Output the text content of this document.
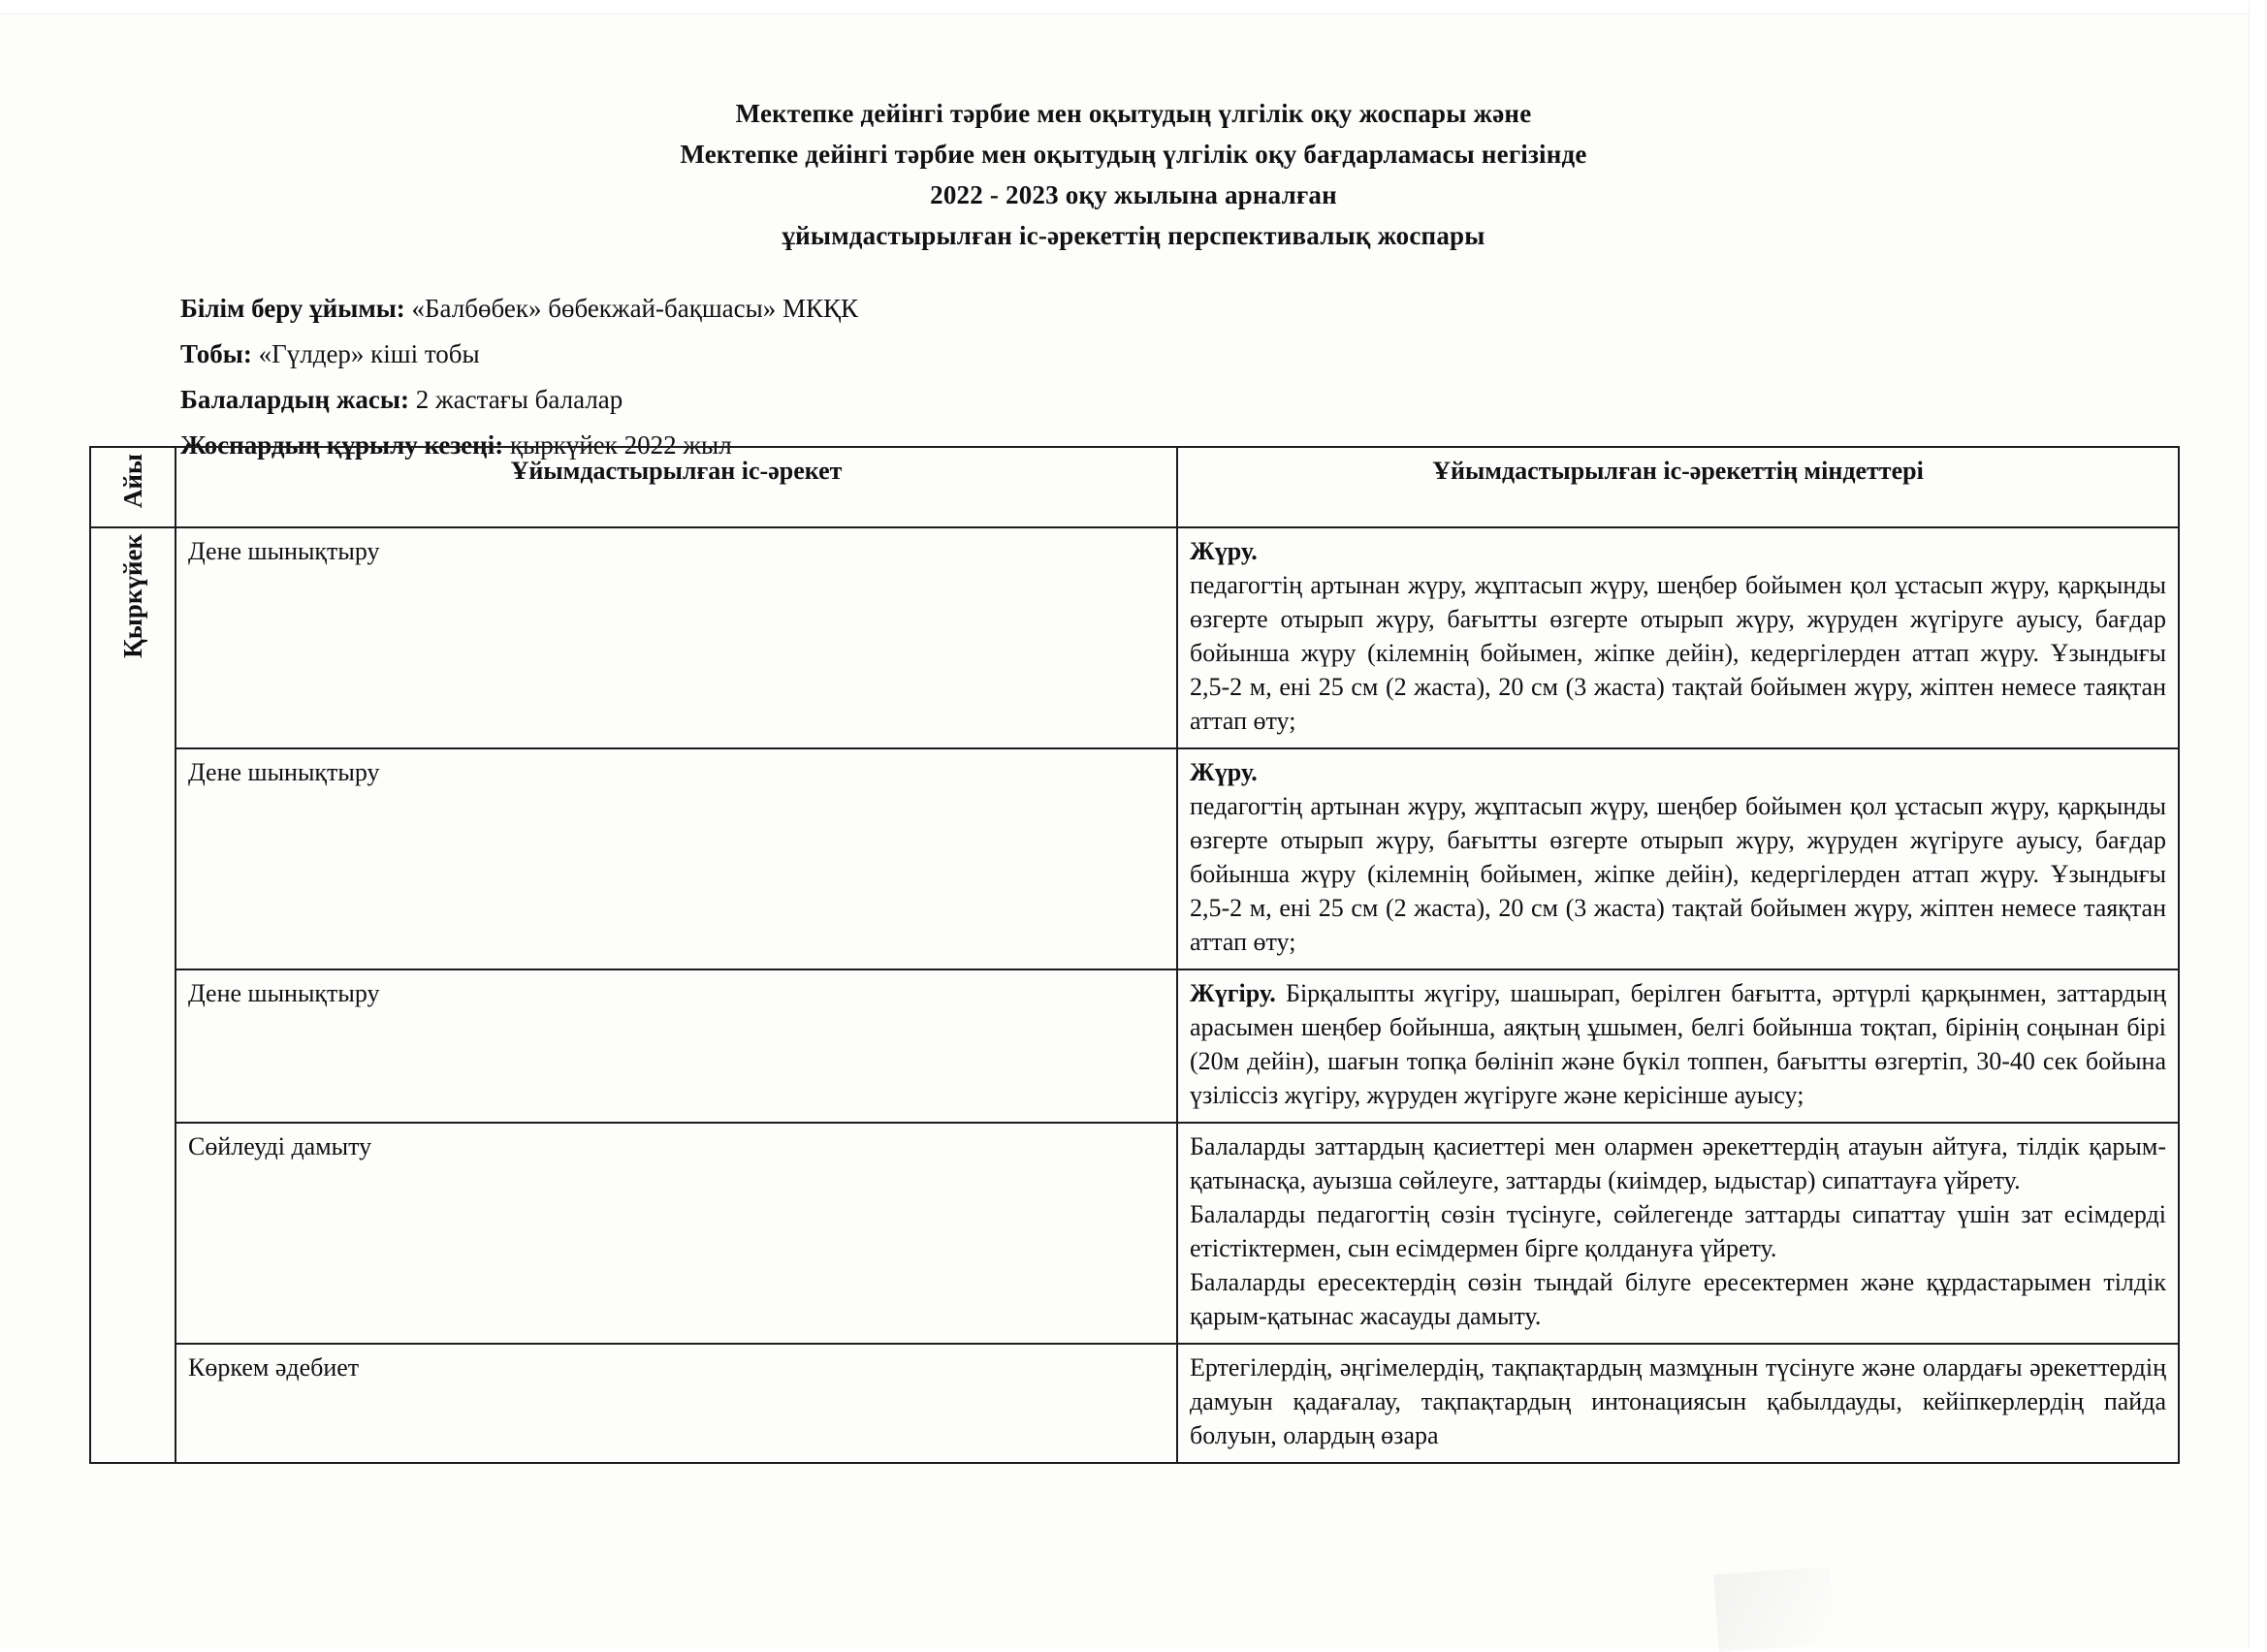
Мектепке дейінгі тәрбие мен оқытудың үлгілік оқу жоспары және
Мектепке дейінгі тәрбие мен оқытудың үлгілік оқу бағдарламасы негізінде
2022 - 2023 оқу жылына арналған
ұйымдастырылған іс-әрекеттің перспективалық жоспары
Білім беру ұйымы: «Балбөбек» бөбекжай-бақшасы» МКҚК
Тобы: «Гүлдер» кіші тобы
Балалардың жасы: 2 жастағы балалар
Жоспардың құрылу кезеңі: қыркүйек 2022 жыл
Айы	Ұйымдастырылған іс-әрекет	Ұйымдастырылған іс-әрекеттің міндеттері
Қыркүйек	Дене шынықтыру	Жүру.

педагогтің артынан жүру, жұптасып жүру, шеңбер бойымен қол ұстасып жүру, қарқынды өзгерте отырып жүру, бағытты өзгерте отырып жүру, жүруден жүгіруге ауысу, бағдар бойынша жүру (кілемнің бойымен, жіпке дейін), кедергілерден аттап жүру. Ұзындығы 2,5-2 м, ені 25 см (2 жаста), 20 см (3 жаста) тақтай бойымен жүру, жіптен немесе таяқтан аттап өту;

	Дене шынықтыру	Жүру.

педагогтің артынан жүру, жұптасып жүру, шеңбер бойымен қол ұстасып жүру, қарқынды өзгерте отырып жүру, бағытты өзгерте отырып жүру, жүруден жүгіруге ауысу, бағдар бойынша жүру (кілемнің бойымен, жіпке дейін), кедергілерден аттап жүру. Ұзындығы 2,5-2 м, ені 25 см (2 жаста), 20 см (3 жаста) тақтай бойымен жүру, жіптен немесе таяқтан аттап өту;

	Дене шынықтыру	Жүгіру. Бірқалыпты жүгіру, шашырап, берілген бағытта, әртүрлі қарқынмен, заттардың арасымен шеңбер бойынша, аяқтың ұшымен, белгі бойынша тоқтап, бірінің соңынан бірі (20м дейін), шағын топқа бөлініп және бүкіл топпен, бағытты өзгертіп, 30-40 сек бойына үзіліссіз жүгіру, жүруден жүгіруге және керісінше ауысу;

	Сөйлеуді дамыту	Балаларды заттардың қасиеттері мен олармен әрекеттердің атауын айтуға, тілдік қарым-қатынасқа, ауызша сөйлеуге, заттарды (киімдер, ыдыстар) сипаттауға үйрету.

Балаларды педагогтің сөзін түсінуге, сөйлегенде заттарды сипаттау үшін зат есімдерді етістіктермен, сын есімдермен бірге қолдануға үйрету.

Балаларды ересектердің сөзін тыңдай білуге ересектермен және құрдастарымен тілдік қарым-қатынас жасауды дамыту.

	Көркем әдебиет	Ертегілердің, әңгімелердің, тақпақтардың мазмұнын түсінуге және олардағы әрекеттердің дамуын қадағалау, тақпақтардың интонациясын қабылдауды, кейіпкерлердің пайда болуын, олардың өзара
